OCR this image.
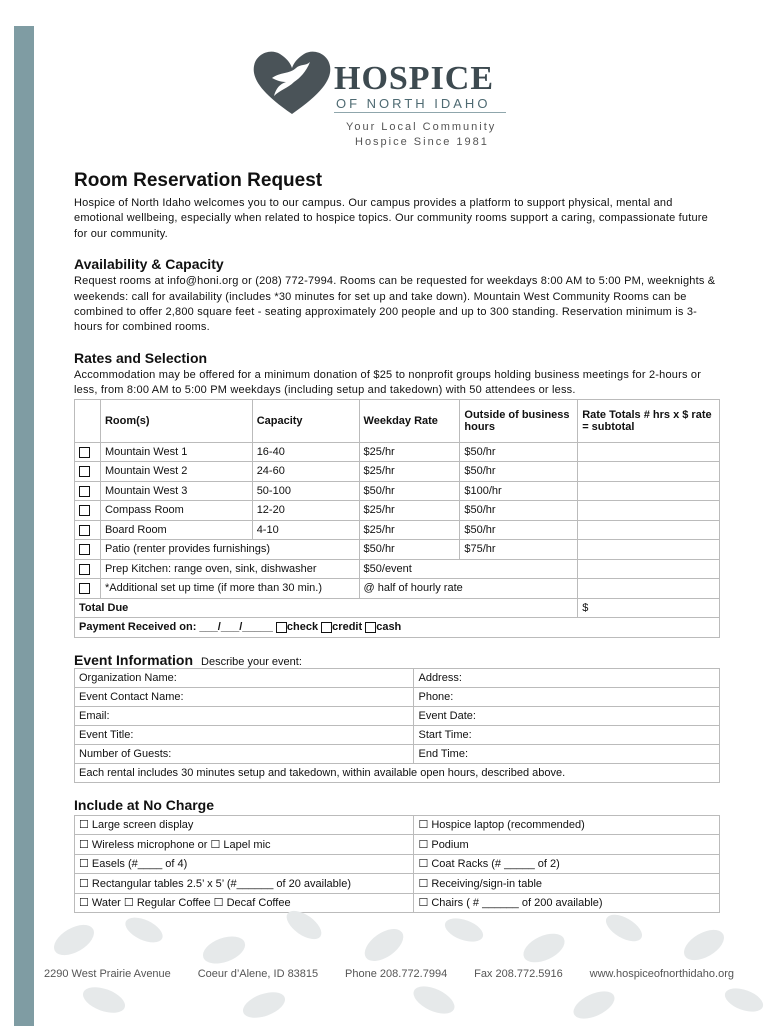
HOSPICE
OF NORTH IDAHO
Your Local Community
Hospice Since 1981
Room Reservation Request

Hospice of North Idaho welcomes you to our campus. Our campus provides a platform to support physical, mental and emotional wellbeing, especially when related to hospice topics. Our community rooms support a caring, compassionate future for our community.

Availability & Capacity

Request rooms at info@honi.org or (208) 772-7994. Rooms can be requested for weekdays 8:00 AM to 5:00 PM, weeknights & weekends: call for availability (includes *30 minutes for set up and take down). Mountain West Community Rooms can be combined to offer 2,800 square feet - seating approximately 200 people and up to 300 standing. Reservation minimum is 3-hours for combined rooms.

Rates and Selection

Accommodation may be offered for a minimum donation of $25 to nonprofit groups holding business meetings for 2-hours or less, from 8:00 AM to 5:00 PM weekdays (including setup and takedown) with 50 attendees or less.

	Room(s)	Capacity	Weekday Rate	Outside of business hours	Rate Totals # hrs x $ rate = subtotal
	Mountain West 1	16-40	$25/hr	$50/hr	
	Mountain West 2	24-60	$25/hr	$50/hr	
	Mountain West 3	50-100	$50/hr	$100/hr	
	Compass Room	12-20	$25/hr	$50/hr	
	Board Room	4-10	$25/hr	$50/hr	
	Patio (renter provides furnishings)		$50/hr	$75/hr	
	Prep Kitchen: range oven, sink, dishwasher		$50/event		
	*Additional set up time (if more than 30 min.)		@ half of hourly rate		
Total Due					$
Payment Received on: ___/___/_____ check credit cash					
Event Information Describe your event:
Organization Name:	Address:
Event Contact Name:	Phone:
Email:	Event Date:
Event Title:	Start Time:
Number of Guests:	End Time:
Each rental includes 30 minutes setup and takedown, within available open hours, described above.	
Include at No Charge
☐ Large screen display	☐ Hospice laptop (recommended)
☐ Wireless microphone or ☐ Lapel mic	☐ Podium
☐ Easels (#____ of 4)	☐ Coat Racks (# _____ of 2)
☐ Rectangular tables 2.5’ x 5’ (#______ of 20 available)	☐ Receiving/sign-in table
☐ Water ☐ Regular Coffee ☐ Decaf Coffee	☐ Chairs ( # ______ of 200 available)
2290 West Prairie Avenue Coeur d’Alene, ID 83815 Phone 208.772.7994 Fax 208.772.5916 www.hospiceofnorthidaho.org
